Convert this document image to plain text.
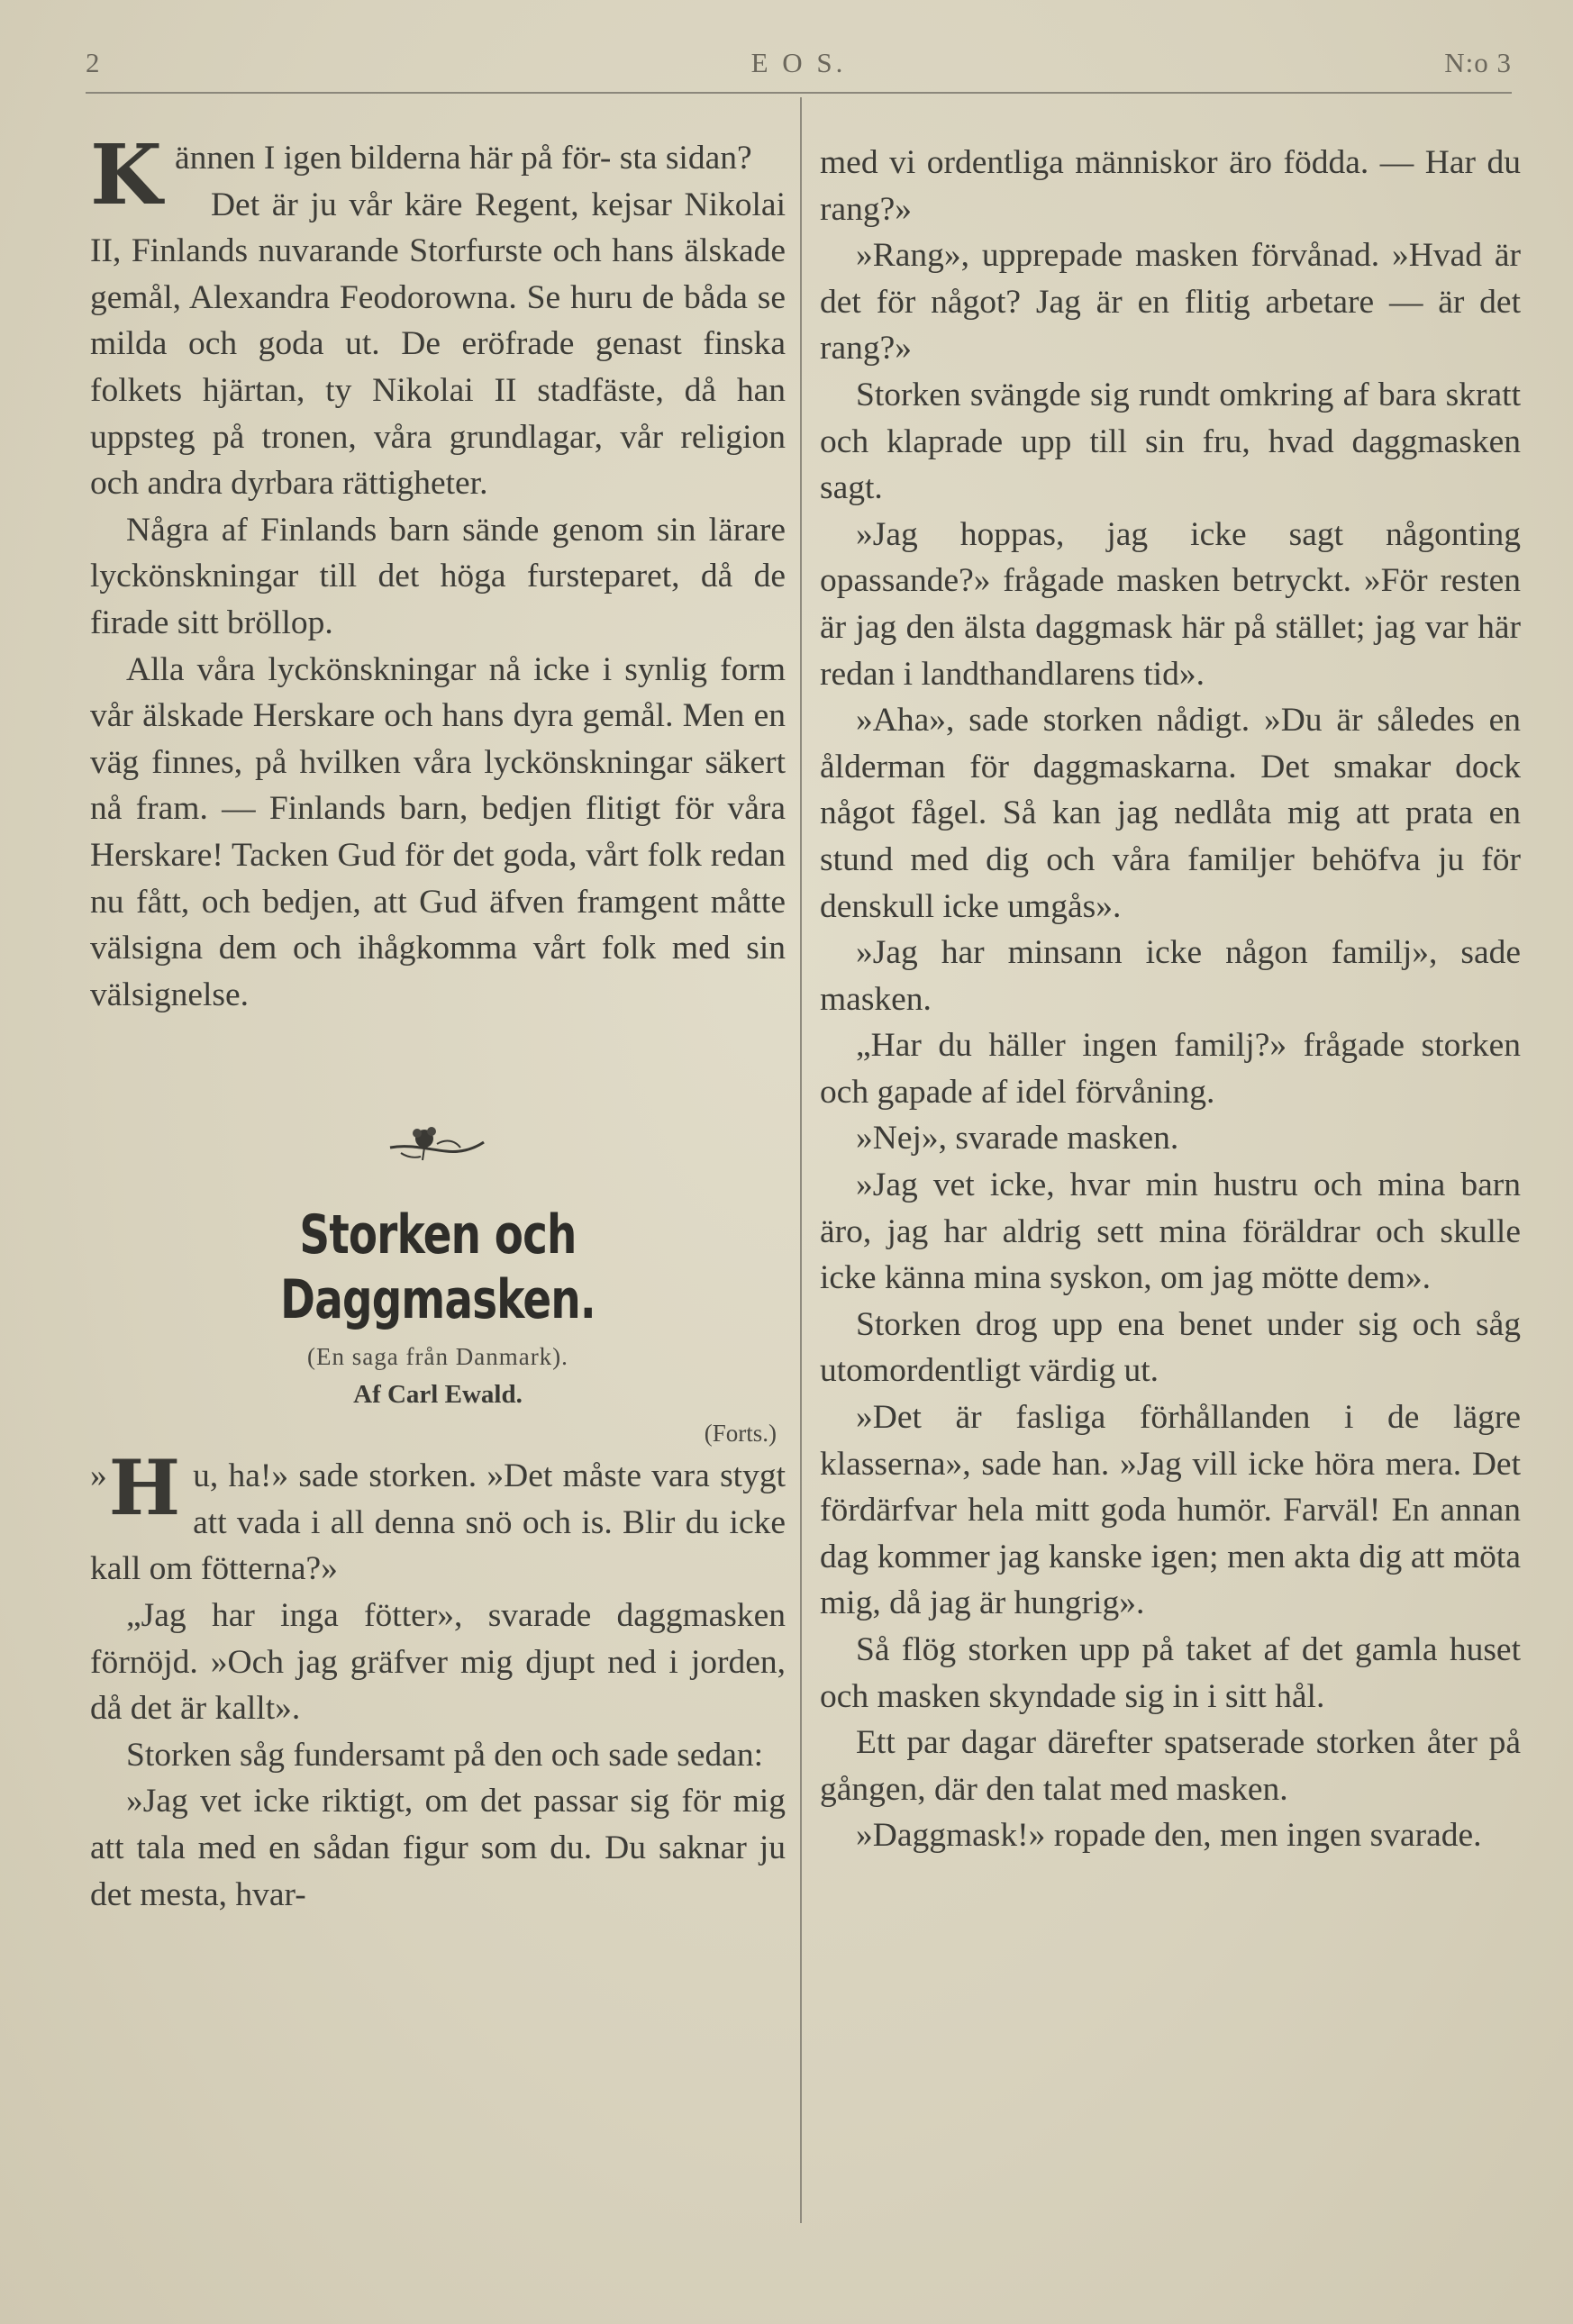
2	E O S.	N:o 3

K ännen I igen bilderna här på för- sta sidan?

Det är ju vår käre Regent, kejsar Nikolai II, Finlands nuvarande Storfurste och hans älskade gemål, Alexandra Feodorowna. Se huru de båda se milda och goda ut. De eröfrade genast finska folkets hjärtan, ty Nikolai II stadfäste, då han uppsteg på tronen, våra grundlagar, vår religion och andra dyrbara rättigheter.

Några af Finlands barn sände genom sin lärare lyckönskningar till det höga fursteparet, då de firade sitt bröllop.

Alla våra lyckönskningar nå icke i synlig form vår älskade Herskare och hans dyra gemål. Men en väg finnes, på hvilken våra lyckönskningar säkert nå fram. — Finlands barn, bedjen flitigt för våra Herskare! Tacken Gud för det goda, vårt folk redan nu fått, och bedjen, att Gud äfven framgent måtte välsigna dem och ihågkomma vårt folk med sin välsignelse.

Storken och Daggmasken.
(En saga från Danmark).
Af Carl Ewald.
(Forts.)

» H u, ha!» sade storken. »Det måste vara stygt att vada i all denna snö och is. Blir du icke kall om fötterna?»

„Jag har inga fötter», svarade daggmasken förnöjd. »Och jag gräfver mig djupt ned i jorden, då det är kallt».

Storken såg fundersamt på den och sade sedan:

»Jag vet icke riktigt, om det passar sig för mig att tala med en sådan figur som du. Du saknar ju det mesta, hvar-

med vi ordentliga människor äro födda. — Har du rang?»

»Rang», upprepade masken förvånad. »Hvad är det för något? Jag är en flitig arbetare — är det rang?»

Storken svängde sig rundt omkring af bara skratt och klaprade upp till sin fru, hvad daggmasken sagt.

»Jag hoppas, jag icke sagt någonting opassande?» frågade masken betryckt. »För resten är jag den älsta daggmask här på stället; jag var här redan i landthandlarens tid».

»Aha», sade storken nådigt. »Du är således en ålderman för daggmaskarna. Det smakar dock något fågel. Så kan jag nedlåta mig att prata en stund med dig och våra familjer behöfva ju för denskull icke umgås».

»Jag har minsann icke någon familj», sade masken.

„Har du häller ingen familj?» frågade storken och gapade af idel förvåning.

»Nej», svarade masken.

»Jag vet icke, hvar min hustru och mina barn äro, jag har aldrig sett mina föräldrar och skulle icke känna mina syskon, om jag mötte dem».

Storken drog upp ena benet under sig och såg utomordentligt värdig ut.

»Det är fasliga förhållanden i de lägre klasserna», sade han. »Jag vill icke höra mera. Det fördärfvar hela mitt goda humör. Farväl! En annan dag kommer jag kanske igen; men akta dig att möta mig, då jag är hungrig».

Så flög storken upp på taket af det gamla huset och masken skyndade sig in i sitt hål.

Ett par dagar därefter spatserade storken åter på gången, där den talat med masken.

»Daggmask!» ropade den, men ingen svarade.
